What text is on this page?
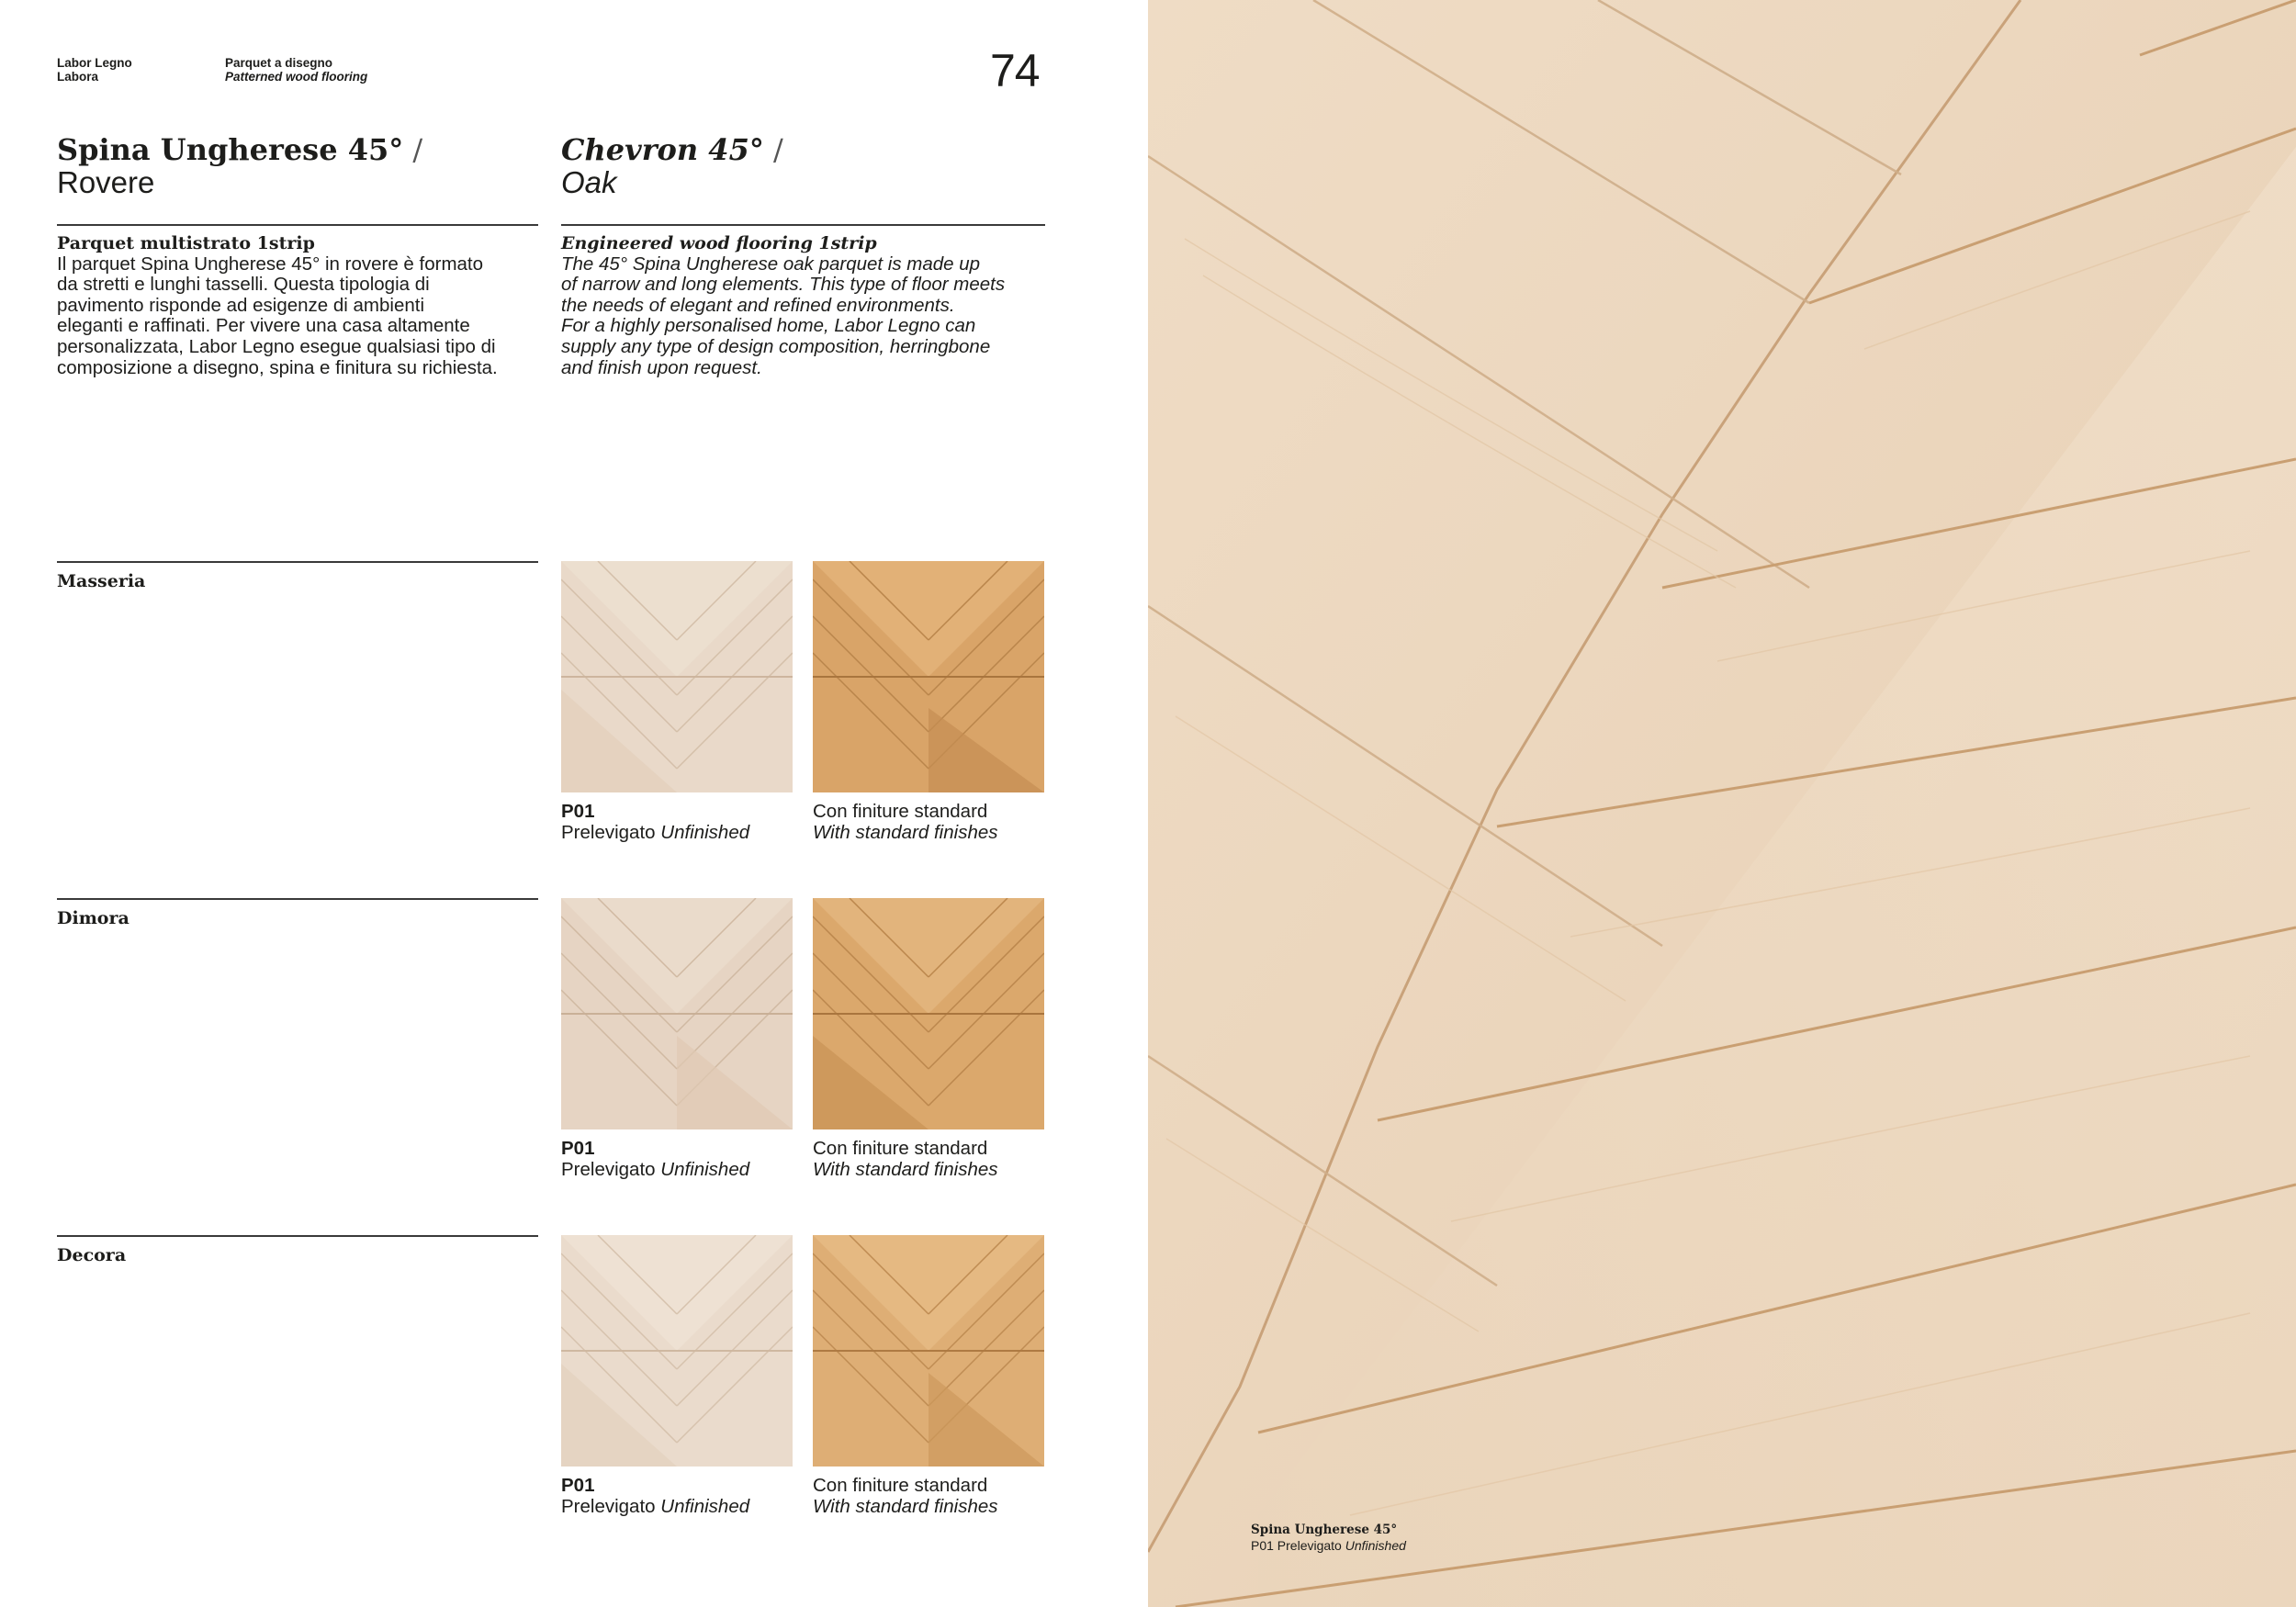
Labor Legno
Labora
Parquet a disegno
Patterned wood flooring	74
Spina Ungherese 45° /
Rovere
Chevron 45° /
Oak

Parquet multistrato 1strip

Il parquet Spina Ungherese 45° in rovere è formato

da stretti e lunghi tasselli. Questa tipologia di

pavimento risponde ad esigenze di ambienti

eleganti e raffinati. Per vivere una casa altamente

personalizzata, Labor Legno esegue qualsiasi tipo di

composizione a disegno, spina e finitura su richiesta.

Engineered wood flooring 1strip

The 45° Spina Ungherese oak parquet is made up

of narrow and long elements. This type of floor meets

the needs of elegant and refined environments.

For a highly personalised home, Labor Legno can

supply any type of design composition, herringbone

and finish upon request.

Masseria
P01
Prelevigato Unfinished
Con finiture standard
With standard finishes
Dimora
P01
Prelevigato Unfinished
Con finiture standard
With standard finishes
Decora
P01
Prelevigato Unfinished
Con finiture standard
With standard finishes
Spina Ungherese 45°
P01 Prelevigato Unfinished
